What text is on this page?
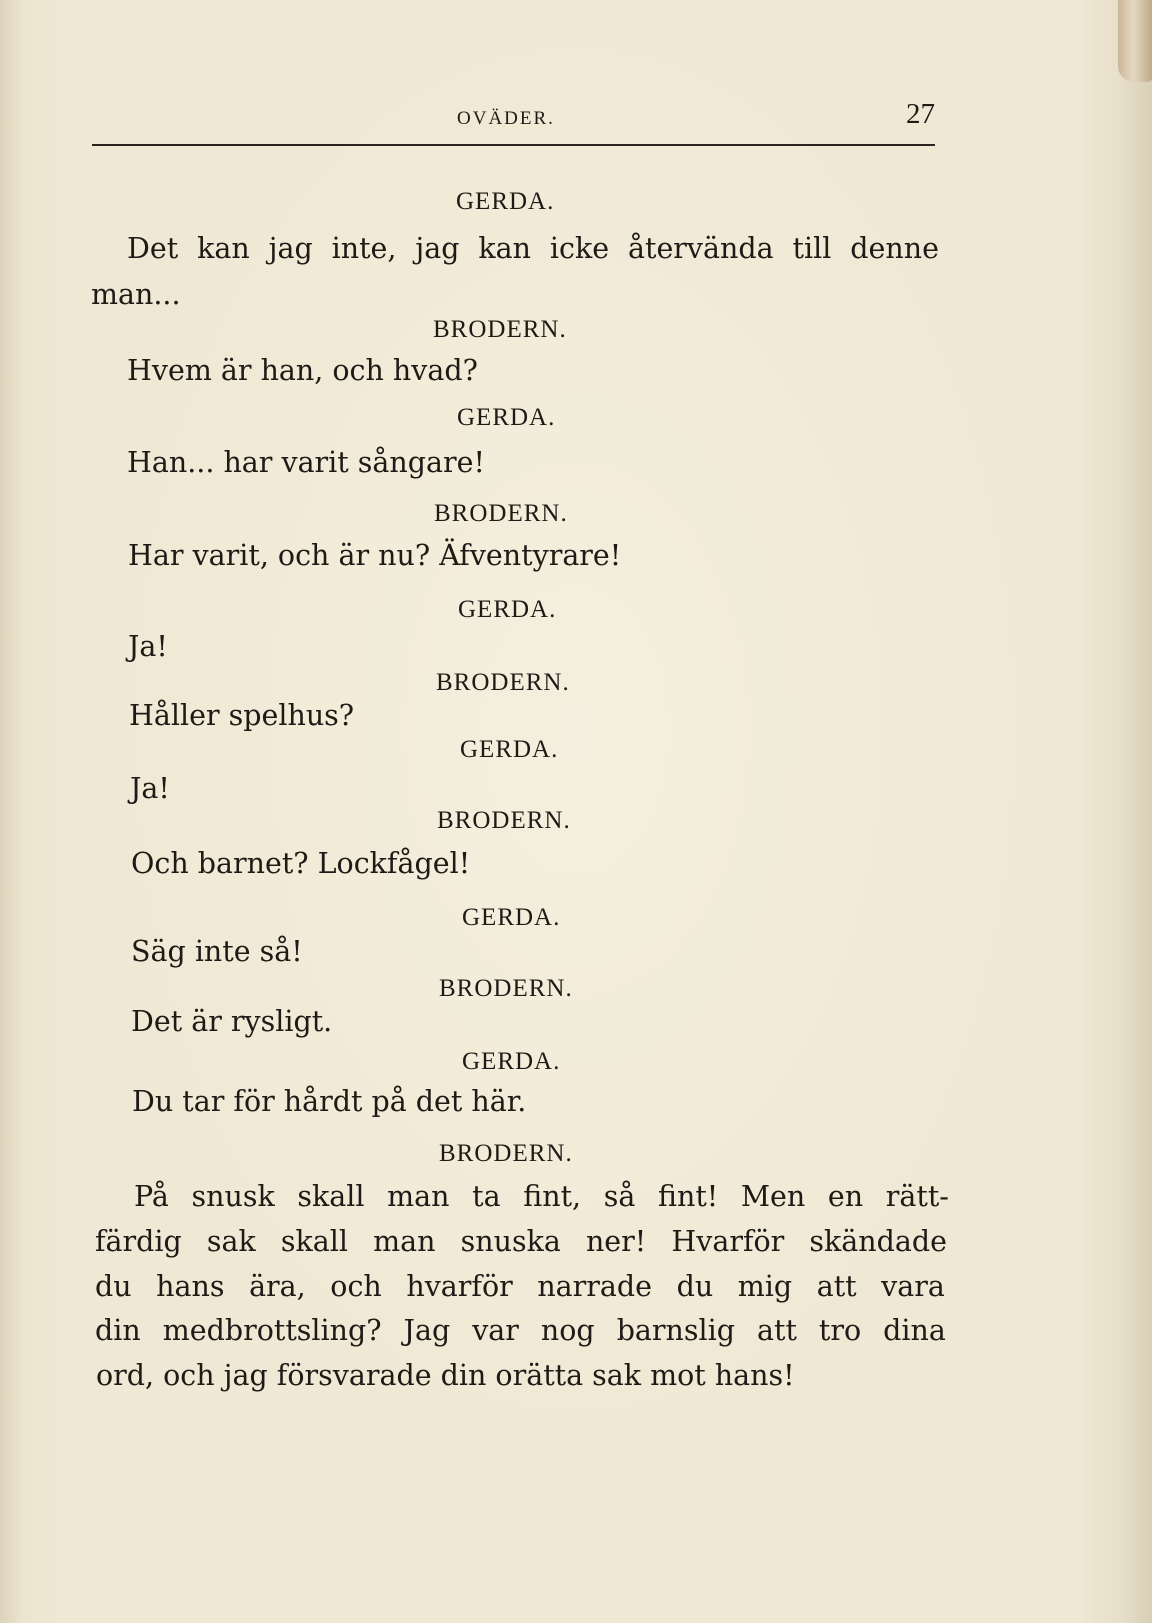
OVÄDER.	27
GERDA.
Det kan jag inte, jag kan icke återvända till denne
man...
BRODERN.
Hvem är han, och hvad?
GERDA.
Han... har varit sångare!
BRODERN.
Har varit, och är nu? Äfventyrare!
GERDA.
Ja!
BRODERN.
Håller spelhus?
GERDA.
Ja!
BRODERN.
Och barnet? Lockfågel!
GERDA.
Säg inte så!
BRODERN.
Det är rysligt.
GERDA.
Du tar för hårdt på det här.
BRODERN.
På snusk skall man ta fint, så fint! Men en rätt-
färdig sak skall man snuska ner! Hvarför skändade
du hans ära, och hvarför narrade du mig att vara
din medbrottsling? Jag var nog barnslig att tro dina
ord, och jag försvarade din orätta sak mot hans!
